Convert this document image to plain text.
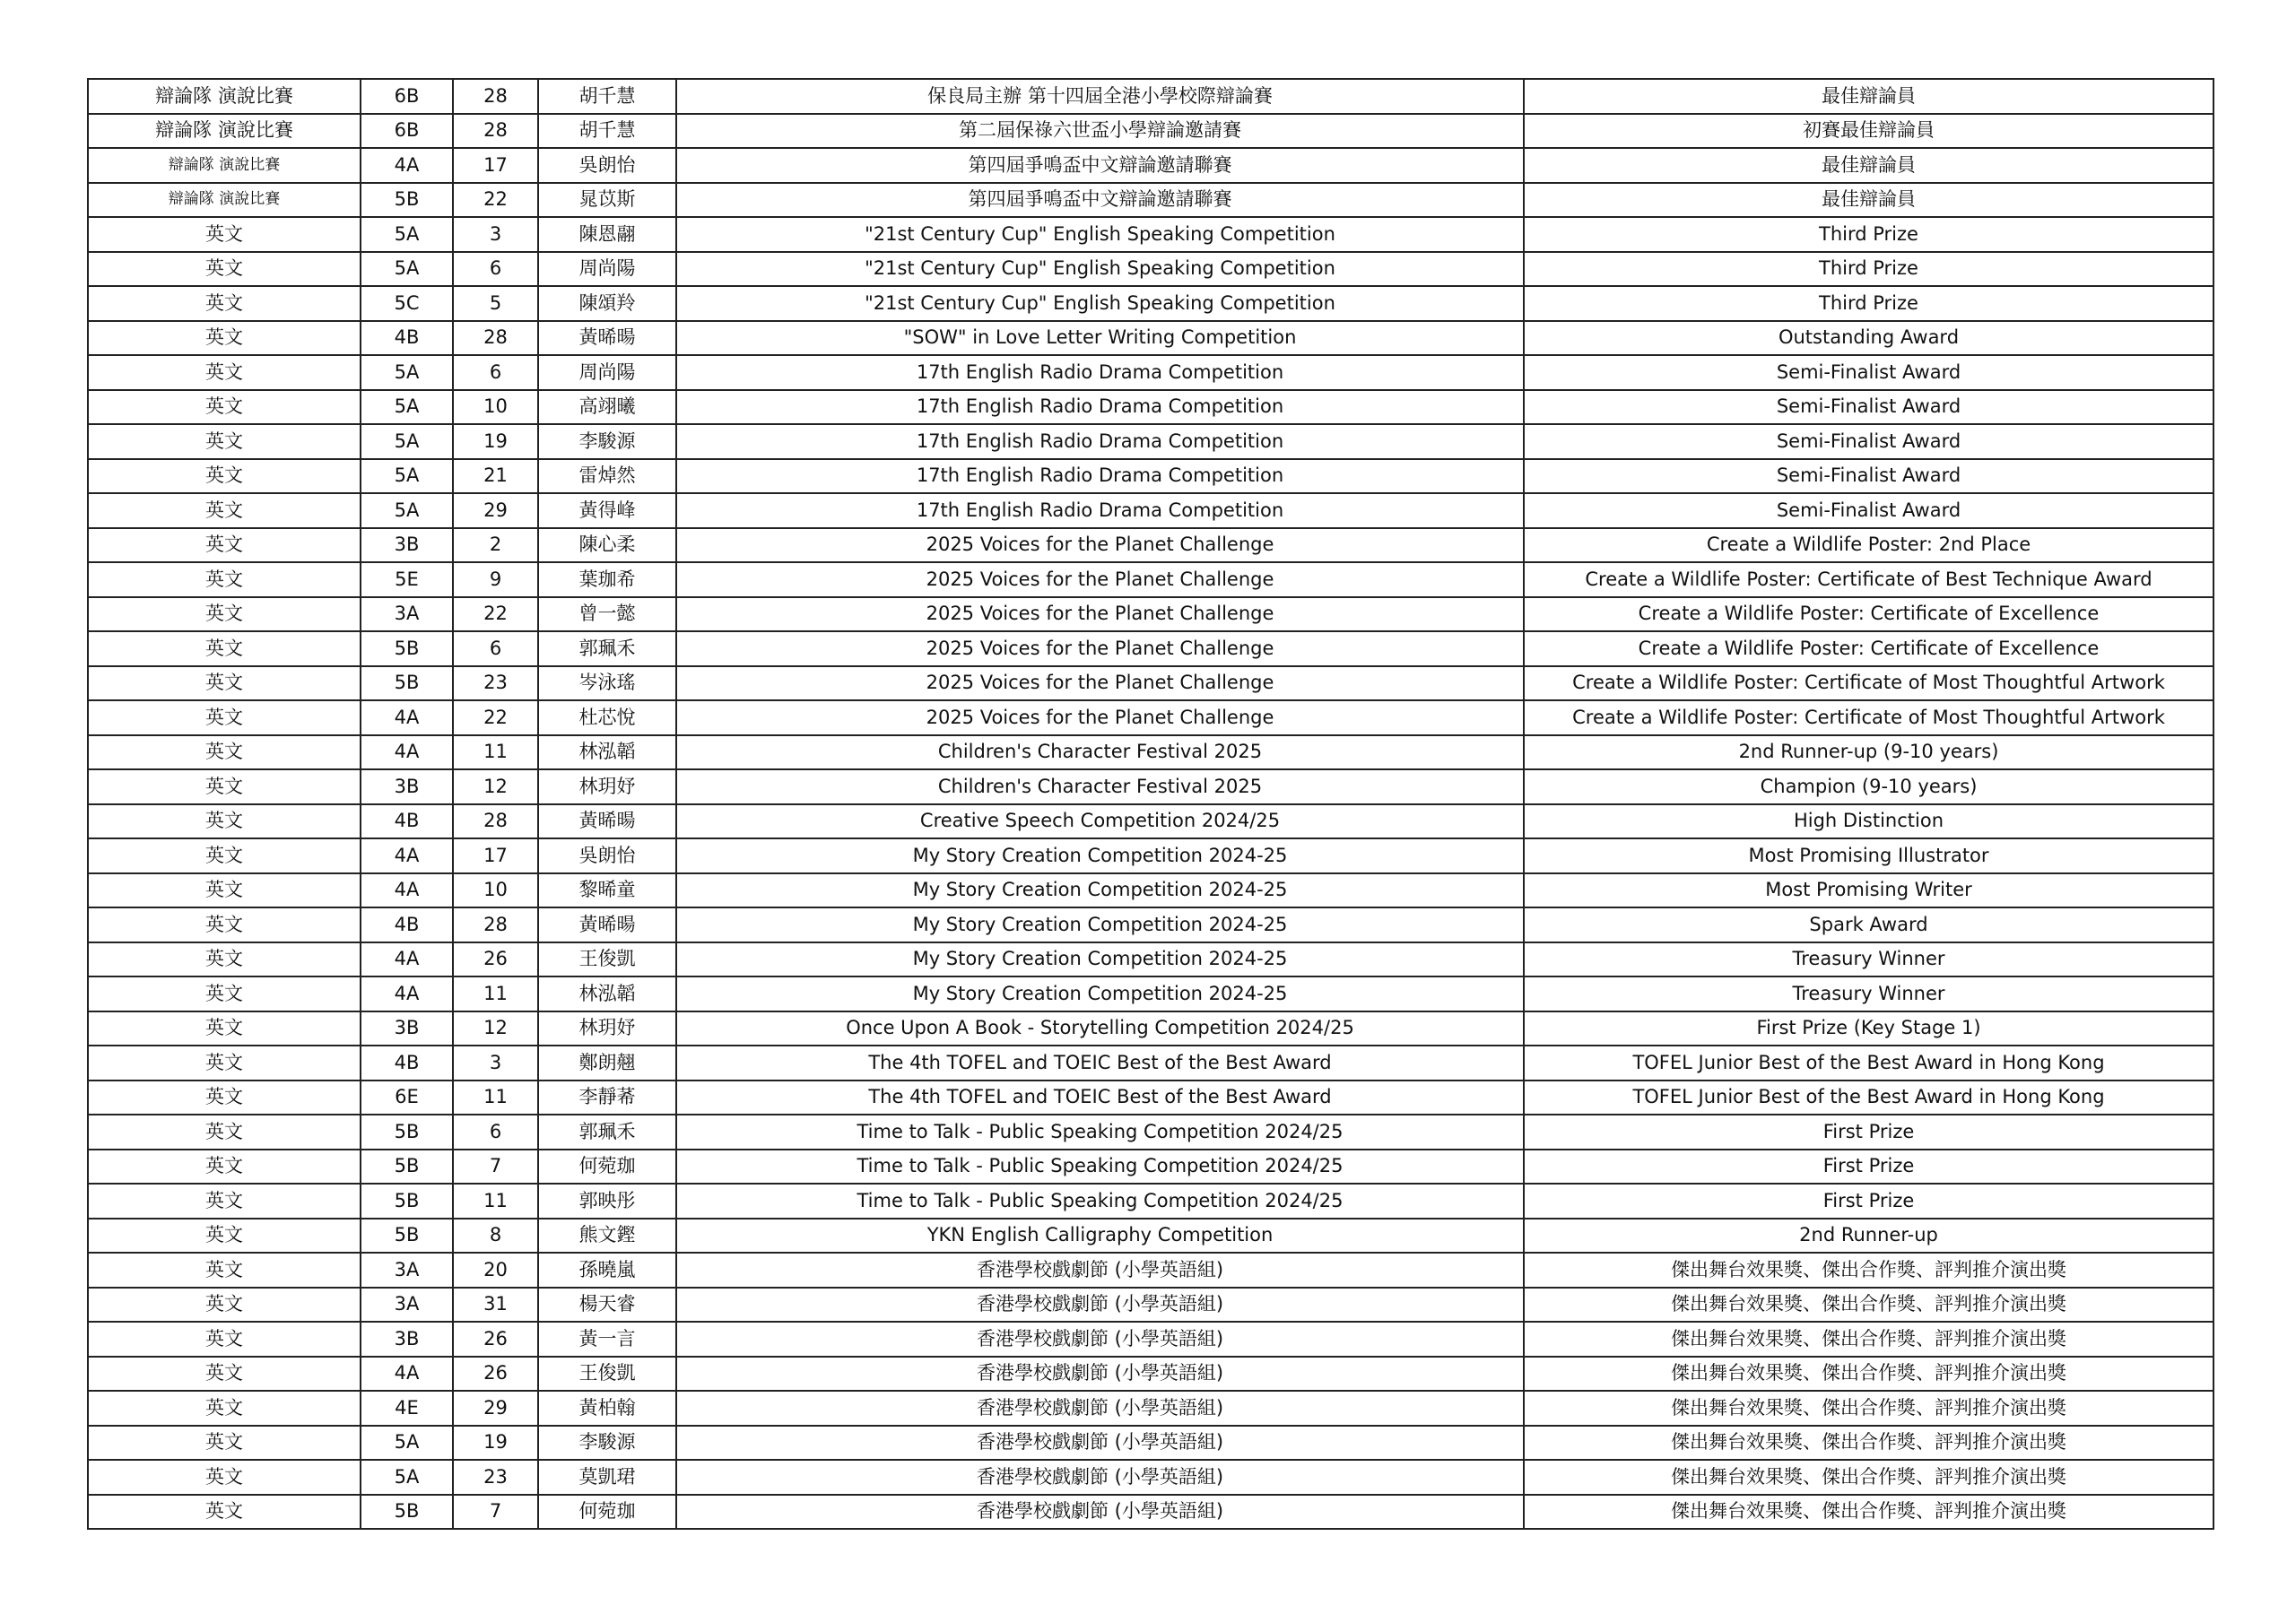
辯論隊 演說比賽	6B	28	胡千慧	保良局主辦 第十四屆全港小學校際辯論賽	最佳辯論員
辯論隊 演說比賽	6B	28	胡千慧	第二屆保祿六世盃小學辯論邀請賽	初賽最佳辯論員
辯論隊 演說比賽	4A	17	吳朗怡	第四屆爭鳴盃中文辯論邀請聯賽	最佳辯論員
辯論隊 演說比賽	5B	22	晁苡斯	第四屆爭鳴盃中文辯論邀請聯賽	最佳辯論員
英文	5A	3	陳恩翮	"21st Century Cup" English Speaking Competition	Third Prize
英文	5A	6	周尚陽	"21st Century Cup" English Speaking Competition	Third Prize
英文	5C	5	陳頌羚	"21st Century Cup" English Speaking Competition	Third Prize
英文	4B	28	黃晞暘	"SOW" in Love Letter Writing Competition	Outstanding Award
英文	5A	6	周尚陽	17th English Radio Drama Competition	Semi-Finalist Award
英文	5A	10	高翊曦	17th English Radio Drama Competition	Semi-Finalist Award
英文	5A	19	李駿源	17th English Radio Drama Competition	Semi-Finalist Award
英文	5A	21	雷焯然	17th English Radio Drama Competition	Semi-Finalist Award
英文	5A	29	黃得峰	17th English Radio Drama Competition	Semi-Finalist Award
英文	3B	2	陳心柔	2025 Voices for the Planet Challenge	Create a Wildlife Poster: 2nd Place
英文	5E	9	葉珈希	2025 Voices for the Planet Challenge	Create a Wildlife Poster: Certificate of Best Technique Award
英文	3A	22	曾一懿	2025 Voices for the Planet Challenge	Create a Wildlife Poster: Certificate of Excellence
英文	5B	6	郭珮禾	2025 Voices for the Planet Challenge	Create a Wildlife Poster: Certificate of Excellence
英文	5B	23	岑泳瑤	2025 Voices for the Planet Challenge	Create a Wildlife Poster: Certificate of Most Thoughtful Artwork
英文	4A	22	杜芯悅	2025 Voices for the Planet Challenge	Create a Wildlife Poster: Certificate of Most Thoughtful Artwork
英文	4A	11	林泓韜	Children's Character Festival 2025	2nd Runner-up (9-10 years)
英文	3B	12	林玥妤	Children's Character Festival 2025	Champion (9-10 years)
英文	4B	28	黃晞暘	Creative Speech Competition 2024/25	High Distinction
英文	4A	17	吳朗怡	My Story Creation Competition 2024-25	Most Promising Illustrator
英文	4A	10	黎晞童	My Story Creation Competition 2024-25	Most Promising Writer
英文	4B	28	黃晞暘	My Story Creation Competition 2024-25	Spark Award
英文	4A	26	王俊凱	My Story Creation Competition 2024-25	Treasury Winner
英文	4A	11	林泓韜	My Story Creation Competition 2024-25	Treasury Winner
英文	3B	12	林玥妤	Once Upon A Book - Storytelling Competition 2024/25	First Prize (Key Stage 1)
英文	4B	3	鄭朗翹	The 4th TOFEL and TOEIC Best of the Best Award	TOFEL Junior Best of the Best Award in Hong Kong
英文	6E	11	李靜莃	The 4th TOFEL and TOEIC Best of the Best Award	TOFEL Junior Best of the Best Award in Hong Kong
英文	5B	6	郭珮禾	Time to Talk - Public Speaking Competition 2024/25	First Prize
英文	5B	7	何菀珈	Time to Talk - Public Speaking Competition 2024/25	First Prize
英文	5B	11	郭映彤	Time to Talk - Public Speaking Competition 2024/25	First Prize
英文	5B	8	熊文鏗	YKN English Calligraphy Competition	2nd Runner-up
英文	3A	20	孫曉嵐	香港學校戲劇節 (小學英語組)	傑出舞台效果獎、傑出合作獎、評判推介演出獎
英文	3A	31	楊天睿	香港學校戲劇節 (小學英語組)	傑出舞台效果獎、傑出合作獎、評判推介演出獎
英文	3B	26	黃一言	香港學校戲劇節 (小學英語組)	傑出舞台效果獎、傑出合作獎、評判推介演出獎
英文	4A	26	王俊凱	香港學校戲劇節 (小學英語組)	傑出舞台效果獎、傑出合作獎、評判推介演出獎
英文	4E	29	黃柏翰	香港學校戲劇節 (小學英語組)	傑出舞台效果獎、傑出合作獎、評判推介演出獎
英文	5A	19	李駿源	香港學校戲劇節 (小學英語組)	傑出舞台效果獎、傑出合作獎、評判推介演出獎
英文	5A	23	莫凱珺	香港學校戲劇節 (小學英語組)	傑出舞台效果獎、傑出合作獎、評判推介演出獎
英文	5B	7	何菀珈	香港學校戲劇節 (小學英語組)	傑出舞台效果獎、傑出合作獎、評判推介演出獎
